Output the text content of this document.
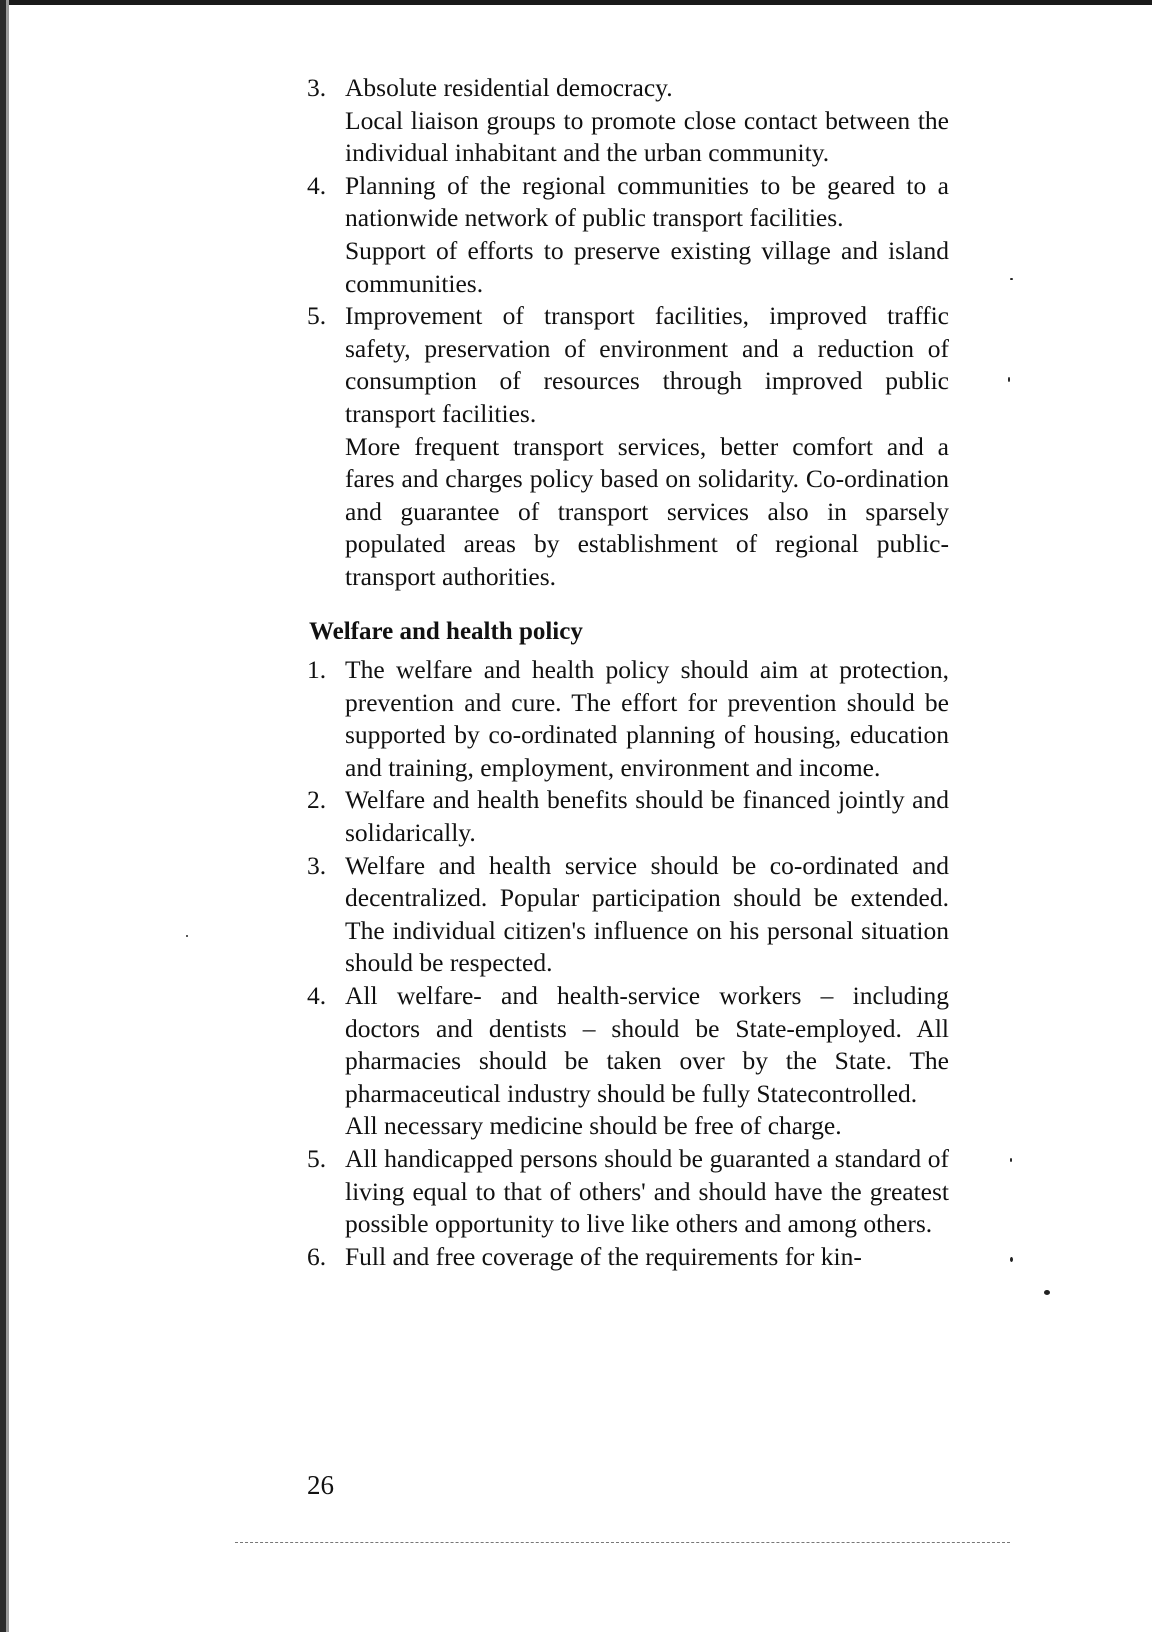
3. Absolute residential democracy.
Local liaison groups to promote close contact between the individual inhabitant and the urban community.
4. Planning of the regional communities to be geared to a nationwide network of public transport facilities.
Support of efforts to preserve existing village and island communities.
5. Improvement of transport facilities, improved traffic safety, preservation of environment and a reduction of consumption of resources through improved public transport facilities.
More frequent transport services, better comfort and a fares and charges policy based on solidarity. Co-ordination and guarantee of transport services also in sparsely populated areas by establishment of regional public-transport authorities.
Welfare and health policy
1. The welfare and health policy should aim at protection, prevention and cure. The effort for prevention should be supported by co-ordinated planning of housing, education and training, employment, environment and income.
2. Welfare and health benefits should be financed jointly and solidarically.
3. Welfare and health service should be co-ordinated and decentralized. Popular participation should be extended. The individual citizen's influence on his personal situation should be respected.
4. All welfare- and health-service workers – including doctors and dentists – should be State-employed. All pharmacies should be taken over by the State. The pharmaceutical industry should be fully Statecontrolled.
All necessary medicine should be free of charge.
5. All handicapped persons should be guaranted a standard of living equal to that of others' and should have the greatest possible opportunity to live like others and among others.
6. Full and free coverage of the requirements for kin-
26
